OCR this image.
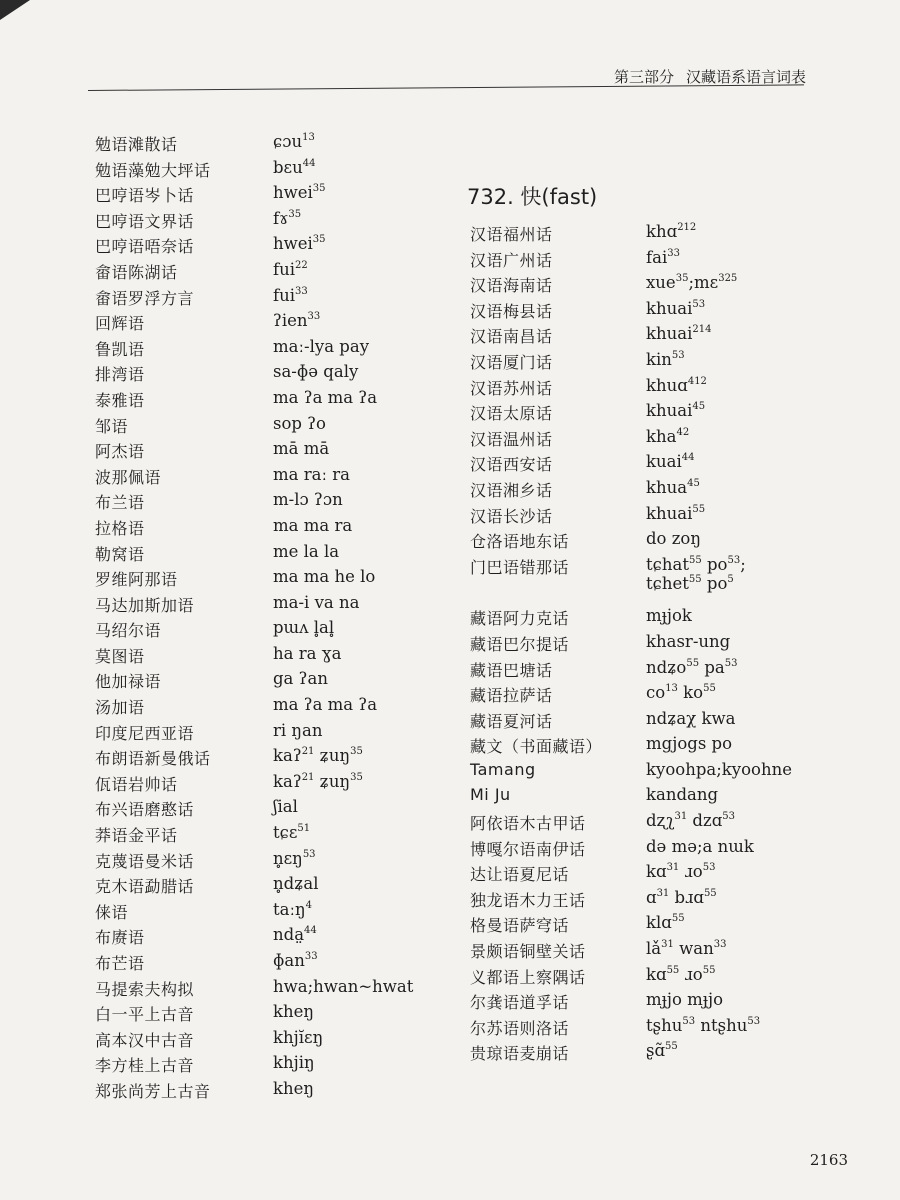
第三部分 汉藏语系语言词表
勉语滩散话	ɕɔu$^{13}$
勉语藻勉大坪话	bɛu$^{44}$
巴哼语岑卜话	hwei$^{35}$
巴哼语文界话	fɤ$^{35}$
巴哼语唔奈话	hwei$^{35}$
畲语陈湖话	fui$^{22}$
畲语罗浮方言	fui$^{33}$
回辉语	ʔien$^{33}$
鲁凯语	maː-lya pay
排湾语	sa-ɸə qaly
泰雅语	ma ʔa ma ʔa
邹语	sop ʔo
阿杰语	mā mā
波那佩语	ma raː ra
布兰语	m-lɔ ʔɔn
拉格语	ma ma ra
勒窝语	me la la
罗维阿那语	ma ma he lo
马达加斯加语	ma-i va na
马绍尔语	pɯʌ l̥al̥
莫图语	ha ra ɣa
他加禄语	ga ʔan
汤加语	ma ʔa ma ʔa
印度尼西亚语	ri ŋan
布朗语新曼俄话	kaʔ$^{21}$ ʑuŋ$^{35}$
佤语岩帅话	kaʔ$^{21}$ ʑuŋ$^{35}$
布兴语磨憨话	ʃial
莽语金平话	tɕɛ$^{51}$
克蔑语曼米话	n̥ɛŋ$^{53}$
克木语勐腊话	n̥dʑal
俫语	taːŋ$^4$
布赓语	nda̤$^{44}$
布芒语	ɸan$^{33}$
马提索夫构拟	hwa;hwan~hwat
白一平上古音	kheŋ
高本汉中古音	khjĭɛŋ
李方桂上古音	khjiŋ
郑张尚芳上古音	kheŋ
732. 快(fast)
汉语福州话	khɑ$^{212}$
汉语广州话	fai$^{33}$
汉语海南话	xue$^{35}$;mɛ$^{325}$
汉语梅县话	khuai$^{53}$
汉语南昌话	khuai$^{214}$
汉语厦门话	kin$^{53}$
汉语苏州话	khuɑ$^{412}$
汉语太原话	khuai$^{45}$
汉语温州话	kha$^{42}$
汉语西安话	kuai$^{44}$
汉语湘乡话	khua$^{45}$
汉语长沙话	khuai$^{55}$
仓洛语地东话	do zoŋ
门巴语错那话	tɕhat$^{55}$ $po^{53}$;
tɕhet$^{55}$ $po^5$
藏语阿力克话	mɟjok
藏语巴尔提话	khasr-ung
藏语巴塘话	ndʑo$^{55}$ $pa^{53}$
藏语拉萨话	$co^{13}$ $ko^{55}$
藏语夏河话	ndʑaχ kwa
藏文（书面藏语）	mgjogs po
Tamang	kyoohpa;kyoohne
Mi Ju	kandang
阿依语木古甲话	dʐʅ$^{31}$ dzɑ$^{53}$
博嘎尔语南伊话	də mə;a nɯk
达让语夏尼话	kɑ$^{31}$ ɹo$^{53}$
独龙语木力王话	ɑ$^{31}$ bɹɑ$^{55}$
格曼语萨穹话	klɑ$^{55}$
景颇语铜壁关话	$lǎ^{31}$ wan$^{33}$
义都语上察隅话	kɑ$^{55}$ ɹo$^{55}$
尔龚语道孚话	mɟjo mɟjo
尔苏语则洛话	tʂhu$^{53}$ ntʂhu$^{53}$
贵琼语麦崩话	ʂɑ̃$^{55}$
2163
